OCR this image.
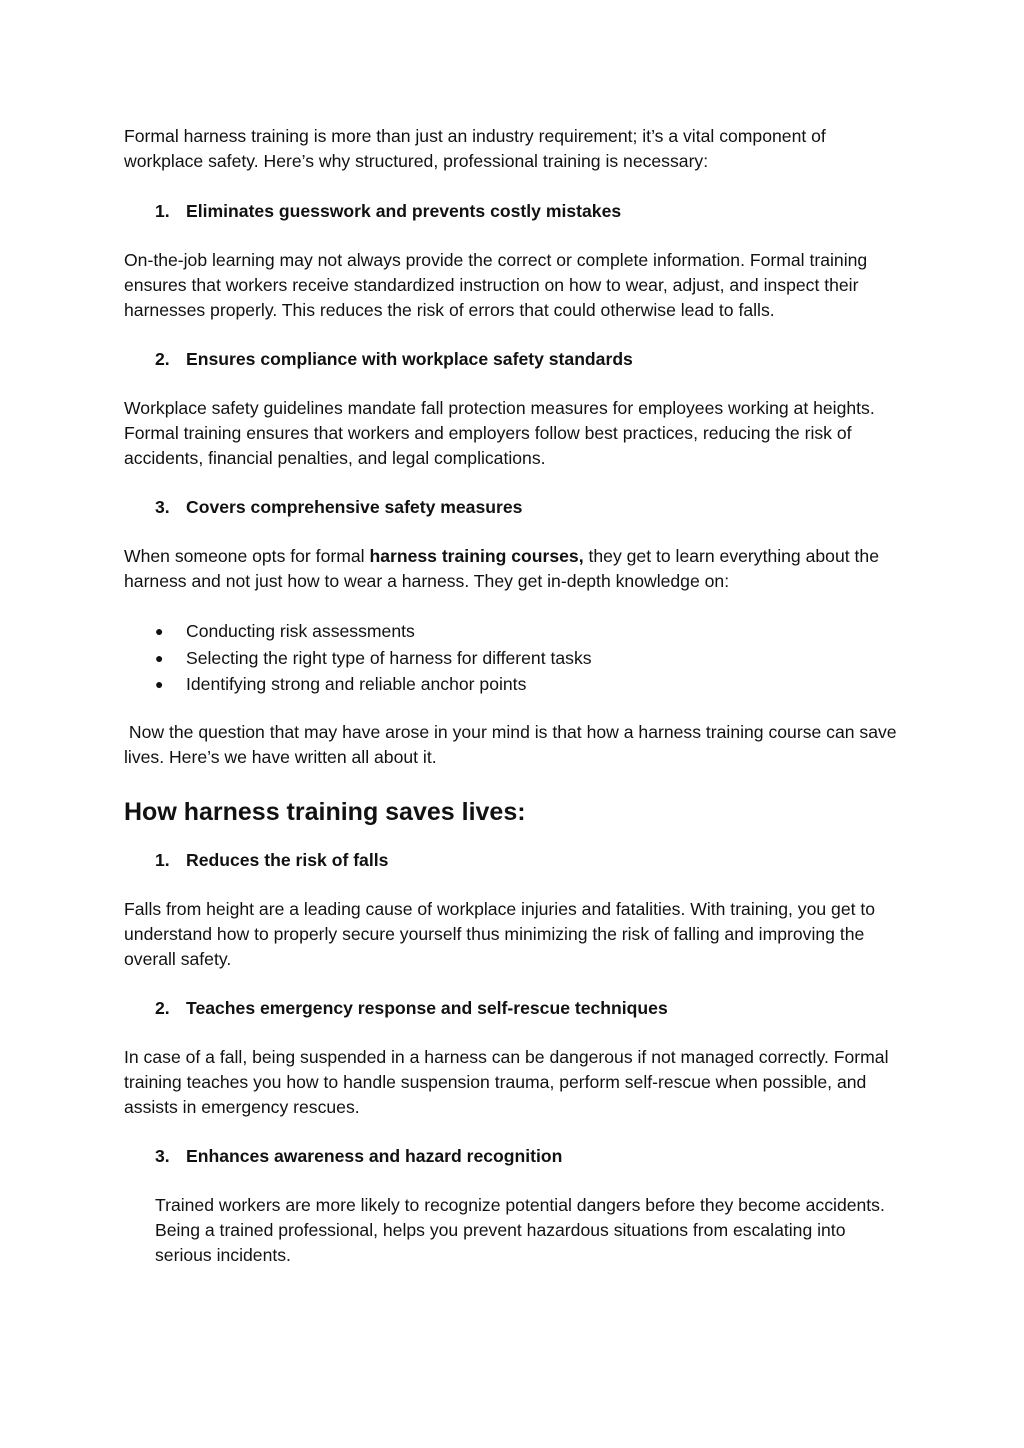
Formal harness training is more than just an industry requirement; it’s a vital component of workplace safety. Here’s why structured, professional training is necessary:

1. Eliminates guesswork and prevents costly mistakes

On-the-job learning may not always provide the correct or complete information. Formal training ensures that workers receive standardized instruction on how to wear, adjust, and inspect their harnesses properly. This reduces the risk of errors that could otherwise lead to falls.

2. Ensures compliance with workplace safety standards

Workplace safety guidelines mandate fall protection measures for employees working at heights. Formal training ensures that workers and employers follow best practices, reducing the risk of accidents, financial penalties, and legal complications.

3. Covers comprehensive safety measures

When someone opts for formal harness training courses, they get to learn everything about the harness and not just how to wear a harness. They get in-depth knowledge on:

●	Conducting risk assessments
●	Selecting the right type of harness for different tasks
●	Identifying strong and reliable anchor points

Now the question that may have arose in your mind is that how a harness training course can save lives. Here’s we have written all about it.

How harness training saves lives:
1. Reduces the risk of falls

Falls from height are a leading cause of workplace injuries and fatalities. With training, you get to understand how to properly secure yourself thus minimizing the risk of falling and improving the overall safety.

2. Teaches emergency response and self-rescue techniques

In case of a fall, being suspended in a harness can be dangerous if not managed correctly. Formal training teaches you how to handle suspension trauma, perform self-rescue when possible, and assists in emergency rescues.

3. Enhances awareness and hazard recognition

Trained workers are more likely to recognize potential dangers before they become accidents. Being a trained professional, helps you prevent hazardous situations from escalating into serious incidents.
